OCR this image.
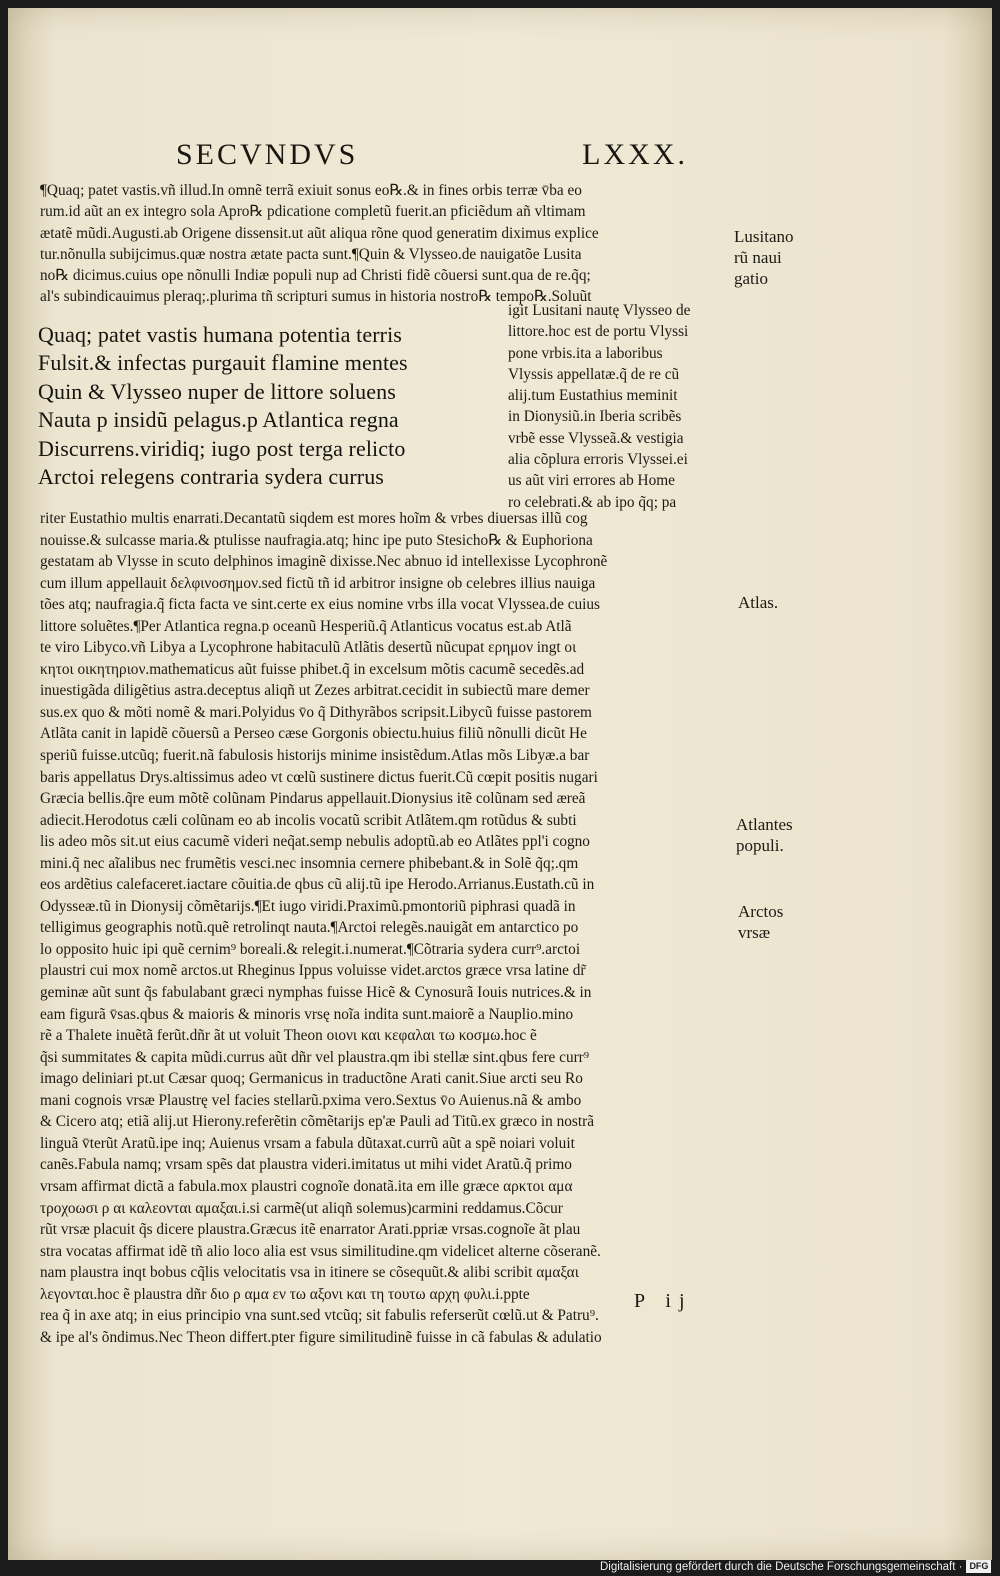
SECVNDVS	LXXX.
¶Quaq; patet vastis.vñ illud.In omnẽ terrã exiuit sonus eo℞.& in fines orbis terræ v̄ba eo
rum.id aũt an ex integro sola Apro℞ pdicatione completũ fuerit.an pficiẽdum añ vltimam
ætatẽ mũdi.Augusti.ab Origene dissensit.ut aũt aliqua rõne quod generatim diximus explice
tur.nõnulla subijcimus.quæ nostra ætate pacta sunt.¶Quin & Vlysseo.de nauigatõe Lusita
no℞ dicimus.cuius ope nõnulli Indiæ populi nup ad Christi fidẽ cõuersi sunt.qua de re.q̃q;
al's subindicauimus pleraq;.plurima tñ scripturi sumus in historia nostro℞ tempo℞.Soluũt
Quaq; patet vastis humana potentia terris
Fulsit.& infectas purgauit flamine mentes
Quin & Vlysseo nuper de littore soluens
Nauta p insidũ pelagus.p Atlantica regna
Discurrens.viridiq; iugo post terga relicto
Arctoi relegens contraria sydera currus
igit Lusitani nautę Vlysseo de
littore.hoc est de portu Vlyssi
pone vrbis.ita a laboribus
Vlyssis appellatæ.q̃ de re cũ
alij.tum Eustathius meminit
in Dionysiũ.in Iberia scribẽs
vrbẽ esse Vlysseã.& vestigia
alia cõplura erroris Vlyssei.ei
us aũt viri errores ab Home
ro celebrati.& ab ipo q̃q; pa
riter Eustathio multis enarrati.Decantatũ siqdem est mores hoĩm & vrbes diuersas illũ cog
nouisse.& sulcasse maria.& ptulisse naufragia.atq; hinc ipe puto Stesicho℞ & Euphoriona
gestatam ab Vlysse in scuto delphinos imaginẽ dixisse.Nec abnuo id intellexisse Lycophronẽ
cum illum appellauit δελφινοσημον.sed fictũ tñ id arbitror insigne ob celebres illius nauiga
tões atq; naufragia.q̃ ficta facta ve sint.certe ex eius nomine vrbs illa vocat Vlyssea.de cuius
littore soluẽtes.¶Per Atlantica regna.p oceanũ Hesperiũ.q̃ Atlanticus vocatus est.ab Atlã
te viro Libyco.vñ Libya a Lycophrone habitaculũ Atlãtis desertũ nũcupat ερημον ingt οι
κητοι οικητηριον.mathematicus aũt fuisse phibet.q̃ in excelsum mõtis cacumẽ secedẽs.ad
inuestigãda diligẽtius astra.deceptus aliqñ ut Zezes arbitrat.cecidit in subiectũ mare demer
sus.ex quo & mõti nomẽ & mari.Polyidus v̄o q̃ Dithyrãbos scripsit.Libycũ fuisse pastorem
Atlãta canit in lapidẽ cõuersũ a Perseo cæse Gorgonis obiectu.huius filiũ nõnulli dicũt He
speriũ fuisse.utcũq; fuerit.nã fabulosis historijs minime insistẽdum.Atlas mõs Libyæ.a bar
baris appellatus Drys.altissimus adeo vt cœlũ sustinere dictus fuerit.Cũ cœpit positis nugari
Græcia bellis.q̃re eum mõtẽ colũnam Pindarus appellauit.Dionysius itẽ colũnam sed æreã
adiecit.Herodotus cæli colũnam eo ab incolis vocatũ scribit Atlãtem.qm rotũdus & subti
lis adeo mõs sit.ut eius cacumẽ videri neq̃at.semp nebulis adoptũ.ab eo Atlãtes ppl'i cogno
mini.q̃ nec aĩalibus nec frumẽtis vesci.nec insomnia cernere phibebant.& in Solẽ q̃q;.qm
eos ardẽtius calefaceret.iactare cõuitia.de qbus cũ alij.tũ ipe Herodo.Arrianus.Eustath.cũ in
Odysseæ.tũ in Dionysij cõmẽtarijs.¶Et iugo viridi.Praximũ.pmontoriũ piphrasi quadã in
telligimus geographis notũ.quẽ retrolinqt nauta.¶Arctoi relegẽs.nauigãt em antarctico po
lo opposito huic ipi quẽ cernim⁹ boreali.& relegit.i.numerat.¶Cõtraria sydera curr⁹.arctoi
plaustri cui mox nomẽ arctos.ut Rheginus Ippus voluisse videt.arctos græce vrsa latine dr̃
geminæ aũt sunt q̃s fabulabant græci nymphas fuisse Hicẽ & Cynosurã Iouis nutrices.& in
eam figurã v̄sas.qbus & maioris & minoris vrsę noĩa indita sunt.maiorẽ a Nauplio.mino
rẽ a Thalete inuẽtã ferũt.dñr ãt ut voluit Theon οιονι και κεφαλαι τω κοσμω.hoc ẽ
q̃si summitates & capita mũdi.currus aũt dñr vel plaustra.qm ibi stellæ sint.qbus fere curr⁹
imago deliniari pt.ut Cæsar quoq; Germanicus in traductõne Arati canit.Siue arcti seu Ro
mani cognois vrsæ Plaustrę vel facies stellarũ.pxima vero.Sextus v̄o Auienus.nã & ambo
& Cicero atq; etiã alij.ut Hierony.referẽtin cõmẽtarijs ep'æ Pauli ad Titũ.ex græco in nostrã
linguã v̄terũt Aratũ.ipe inq; Auienus vrsam a fabula dũtaxat.currũ aũt a spẽ noiari voluit
canẽs.Fabula namq; vrsam spẽs dat plaustra videri.imitatus ut mihi videt Aratũ.q̃ primo
vrsam affirmat dictã a fabula.mox plaustri cognoĩe donatã.ita em ille græce αρκτοι αμα
τροχοωσι ρ αι καλεονται αμαξαι.i.si carmẽ(ut aliqñ solemus)carmini reddamus.Cõcur
rũt vrsæ placuit q̃s dicere plaustra.Græcus itẽ enarrator Arati.ppriæ vrsas.cognoĩe ãt plau
stra vocatas affirmat idẽ tñ alio loco alia est vsus similitudine.qm videlicet alterne cõseranẽ.
nam plaustra inqt bobus cq̃lis velocitatis vsa in itinere se cõsequũt.& alibi scribit αμαξαι
λεγονται.hoc ẽ plaustra dñr διο ρ αμα εν τω αξονι και τη τουτω αρχη φυλι.i.ppte
rea q̃ in axe atq; in eius principio vna sunt.sed vtcũq; sit fabulis referserũt cœlũ.ut & Patru⁹.
& ipe al's õndimus.Nec Theon differt.pter figure similitudinẽ fuisse in cã fabulas & adulatio
Lusitano
rũ naui
gatio
Atlas.
Atlantes
populi.
Arctos
vrsæ
P ij
Digitalisierung gefördert durch die Deutsche Forschungsgemeinschaft · DFG
